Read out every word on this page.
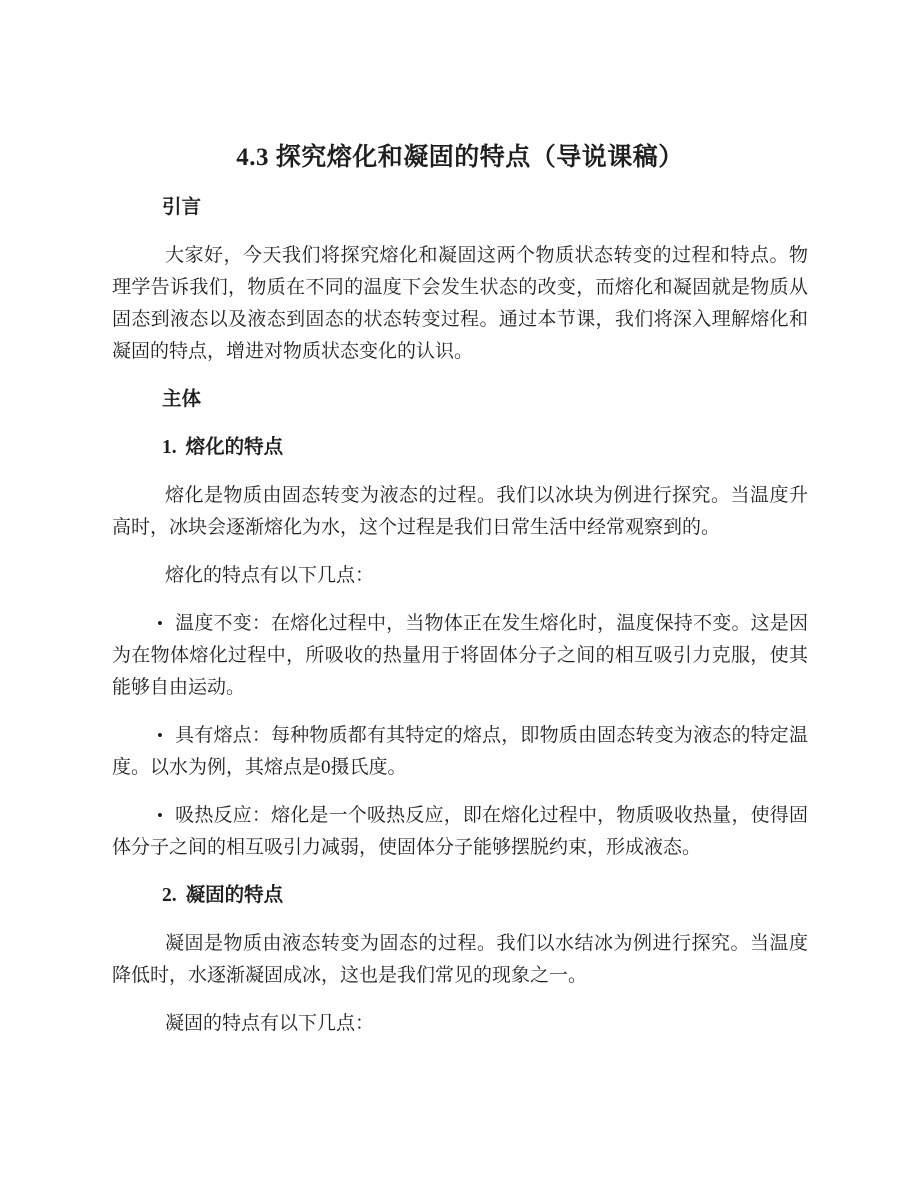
4.3 探究熔化和凝固的特点（导说课稿）
引言

大家好，今天我们将探究熔化和凝固这两个物质状态转变的过程和特点。物理学告诉我们，物质在不同的温度下会发生状态的改变，而熔化和凝固就是物质从固态到液态以及液态到固态的状态转变过程。通过本节课，我们将深入理解熔化和凝固的特点，增进对物质状态变化的认识。

主体
1. 熔化的特点

熔化是物质由固态转变为液态的过程。我们以冰块为例进行探究。当温度升高时，冰块会逐渐熔化为水，这个过程是我们日常生活中经常观察到的。

熔化的特点有以下几点：

• 温度不变：在熔化过程中，当物体正在发生熔化时，温度保持不变。这是因为在物体熔化过程中，所吸收的热量用于将固体分子之间的相互吸引力克服，使其能够自由运动。

• 具有熔点：每种物质都有其特定的熔点，即物质由固态转变为液态的特定温度。以水为例，其熔点是0摄氏度。

• 吸热反应：熔化是一个吸热反应，即在熔化过程中，物质吸收热量，使得固体分子之间的相互吸引力减弱，使固体分子能够摆脱约束，形成液态。

2. 凝固的特点

凝固是物质由液态转变为固态的过程。我们以水结冰为例进行探究。当温度降低时，水逐渐凝固成冰，这也是我们常见的现象之一。

凝固的特点有以下几点：
